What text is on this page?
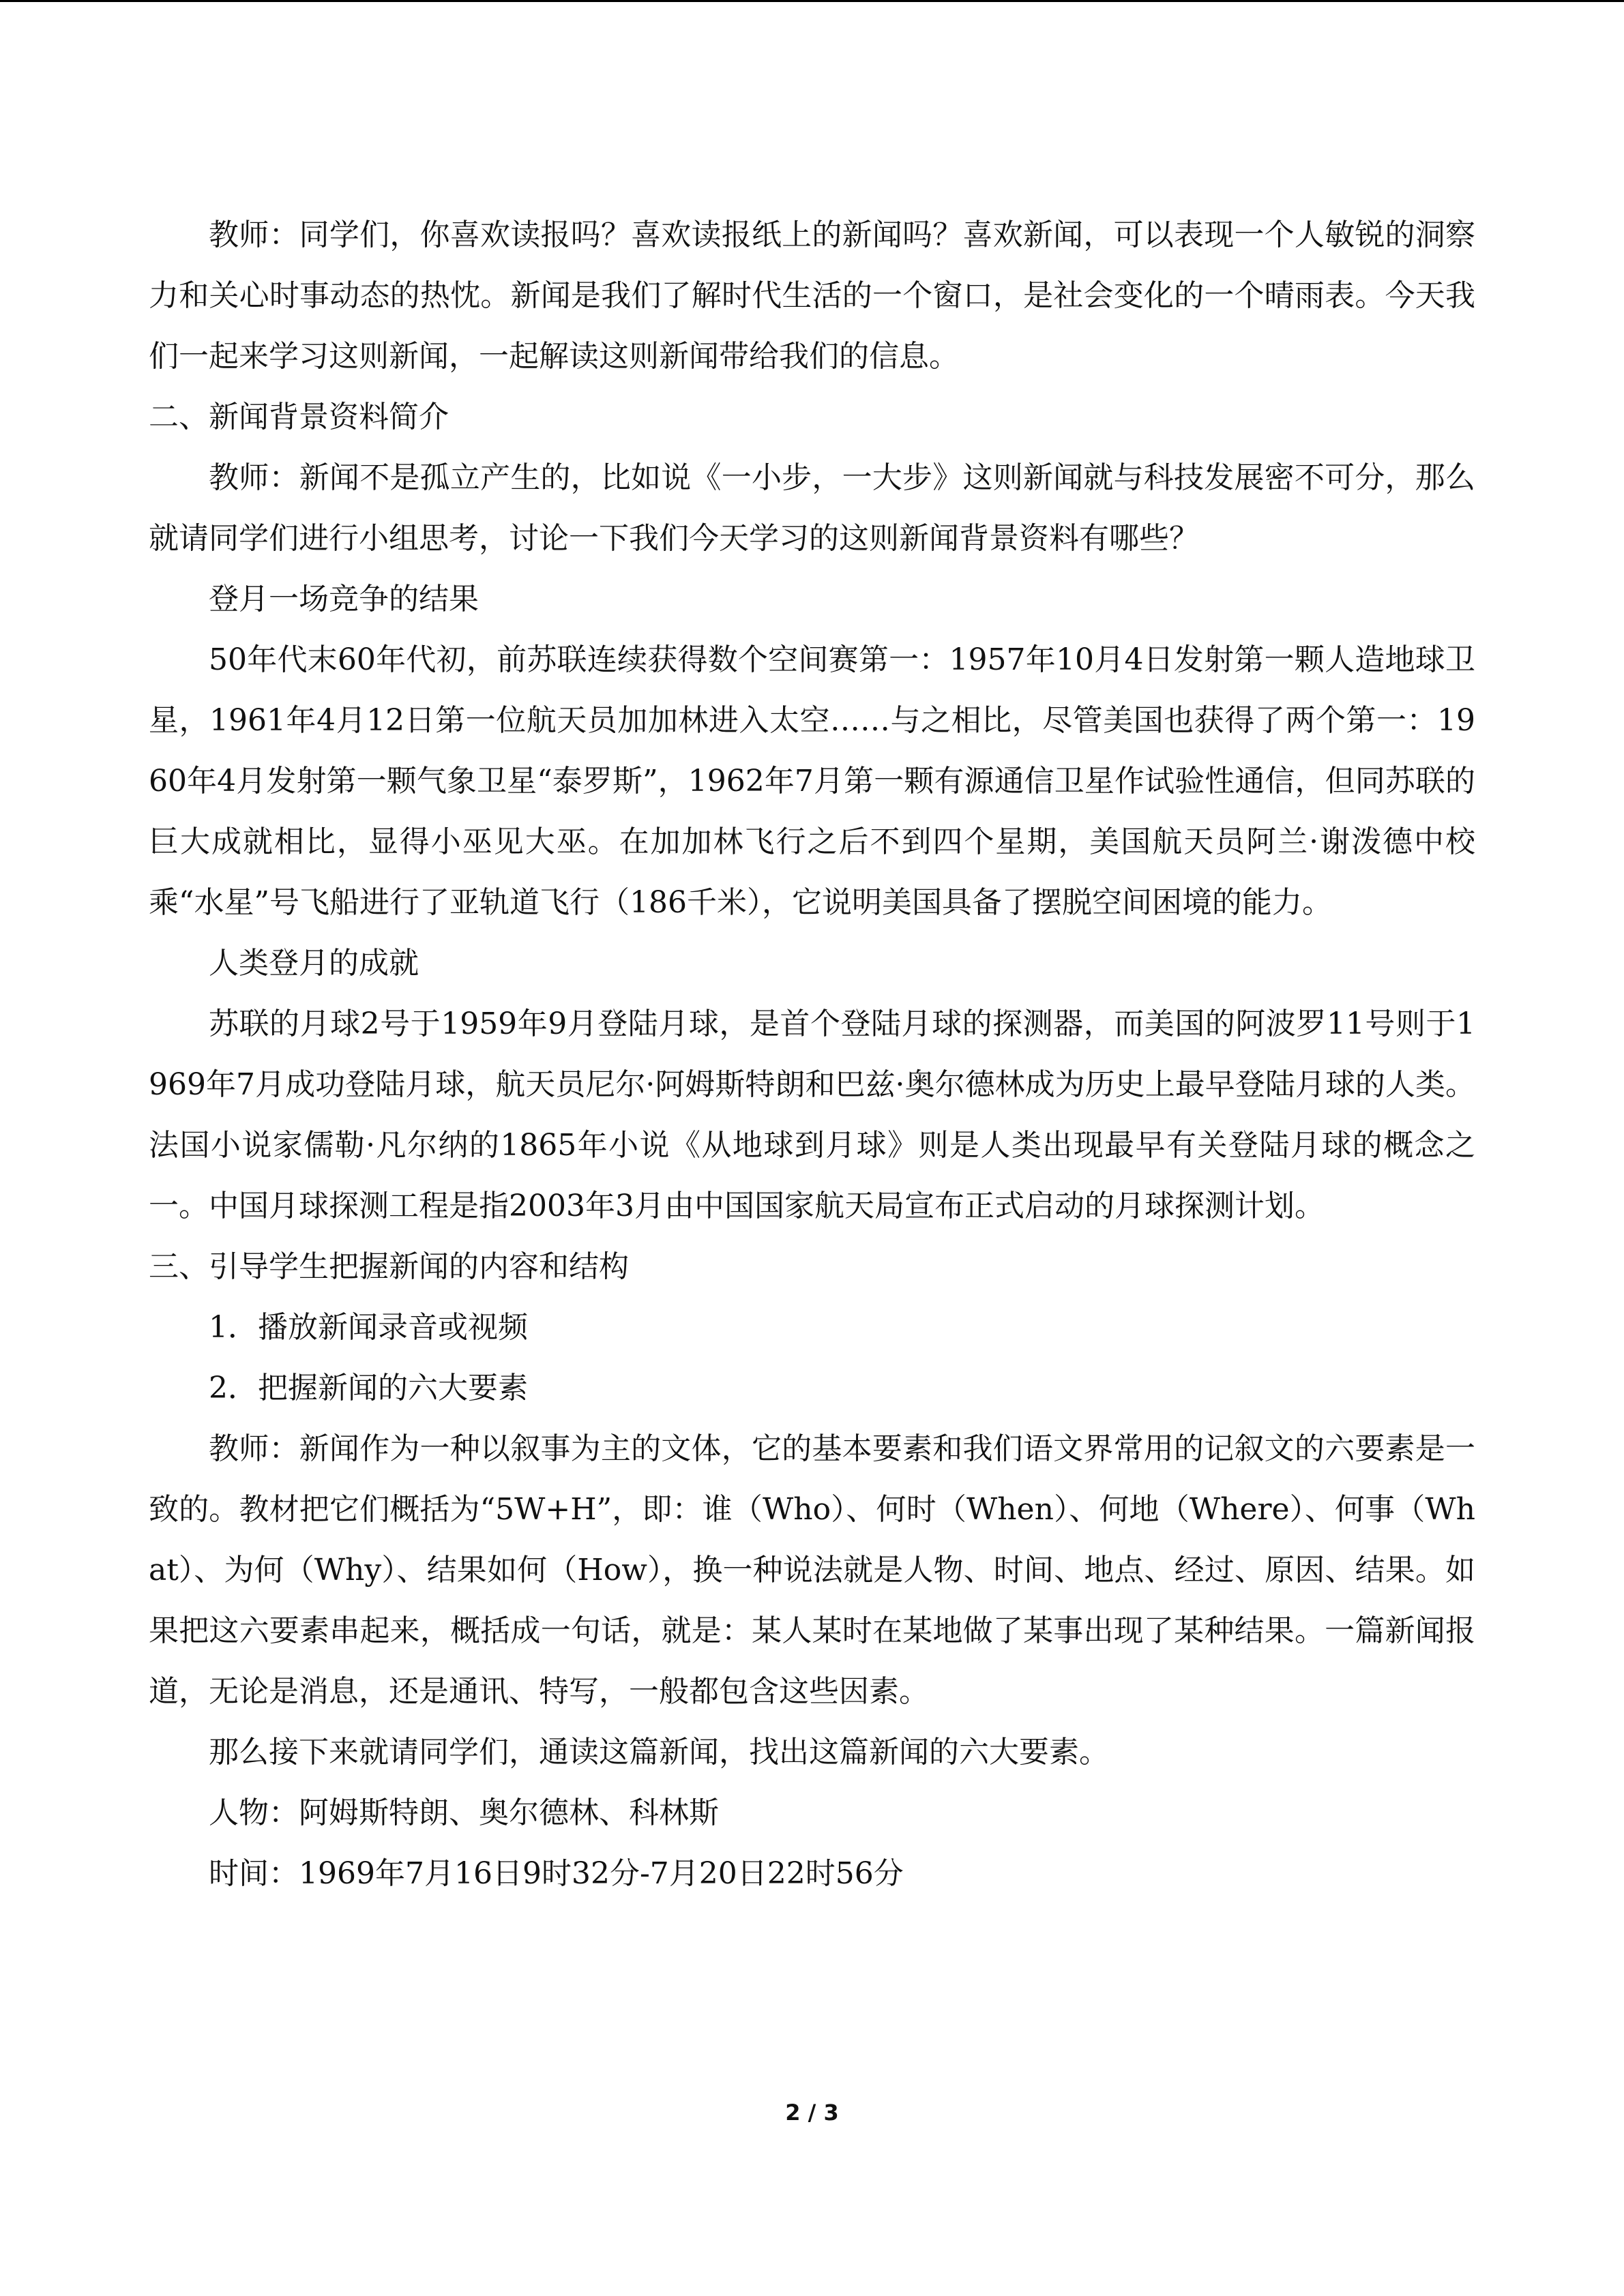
教师：同学们，你喜欢读报吗？喜欢读报纸上的新闻吗？喜欢新闻，可以表现一个人敏锐的洞察力和关心时事动态的热忱。新闻是我们了解时代生活的一个窗口，是社会变化的一个晴雨表。今天我们一起来学习这则新闻，一起解读这则新闻带给我们的信息。

二、新闻背景资料简介

教师：新闻不是孤立产生的，比如说《一小步，一大步》这则新闻就与科技发展密不可分，那么就请同学们进行小组思考，讨论一下我们今天学习的这则新闻背景资料有哪些？

登月一场竞争的结果

50年代末60年代初，前苏联连续获得数个空间赛第一：1957年10月4日发射第一颗人造地球卫星，1961年4月12日第一位航天员加加林进入太空……与之相比，尽管美国也获得了两个第一：1960年4月发射第一颗气象卫星“泰罗斯”，1962年7月第一颗有源通信卫星作试验性通信，但同苏联的巨大成就相比，显得小巫见大巫。在加加林飞行之后不到四个星期，美国航天员阿兰·谢泼德中校乘“水星”号飞船进行了亚轨道飞行（186千米），它说明美国具备了摆脱空间困境的能力。

人类登月的成就

苏联的月球2号于1959年9月登陆月球，是首个登陆月球的探测器，而美国的阿波罗11号则于1969年7月成功登陆月球，航天员尼尔·阿姆斯特朗和巴兹·奥尔德林成为历史上最早登陆月球的人类。法国小说家儒勒·凡尔纳的1865年小说《从地球到月球》则是人类出现最早有关登陆月球的概念之一。中国月球探测工程是指2003年3月由中国国家航天局宣布正式启动的月球探测计划。

三、引导学生把握新闻的内容和结构

1．播放新闻录音或视频

2．把握新闻的六大要素

教师：新闻作为一种以叙事为主的文体，它的基本要素和我们语文界常用的记叙文的六要素是一致的。教材把它们概括为“5W+H”，即：谁（Who）、何时（When）、何地（Where）、何事（What）、为何（Why）、结果如何（How），换一种说法就是人物、时间、地点、经过、原因、结果。如果把这六要素串起来，概括成一句话，就是：某人某时在某地做了某事出现了某种结果。一篇新闻报道，无论是消息，还是通讯、特写，一般都包含这些因素。

那么接下来就请同学们，通读这篇新闻，找出这篇新闻的六大要素。

人物：阿姆斯特朗、奥尔德林、科林斯

时间：1969年7月16日9时32分-7月20日22时56分

2 / 3
